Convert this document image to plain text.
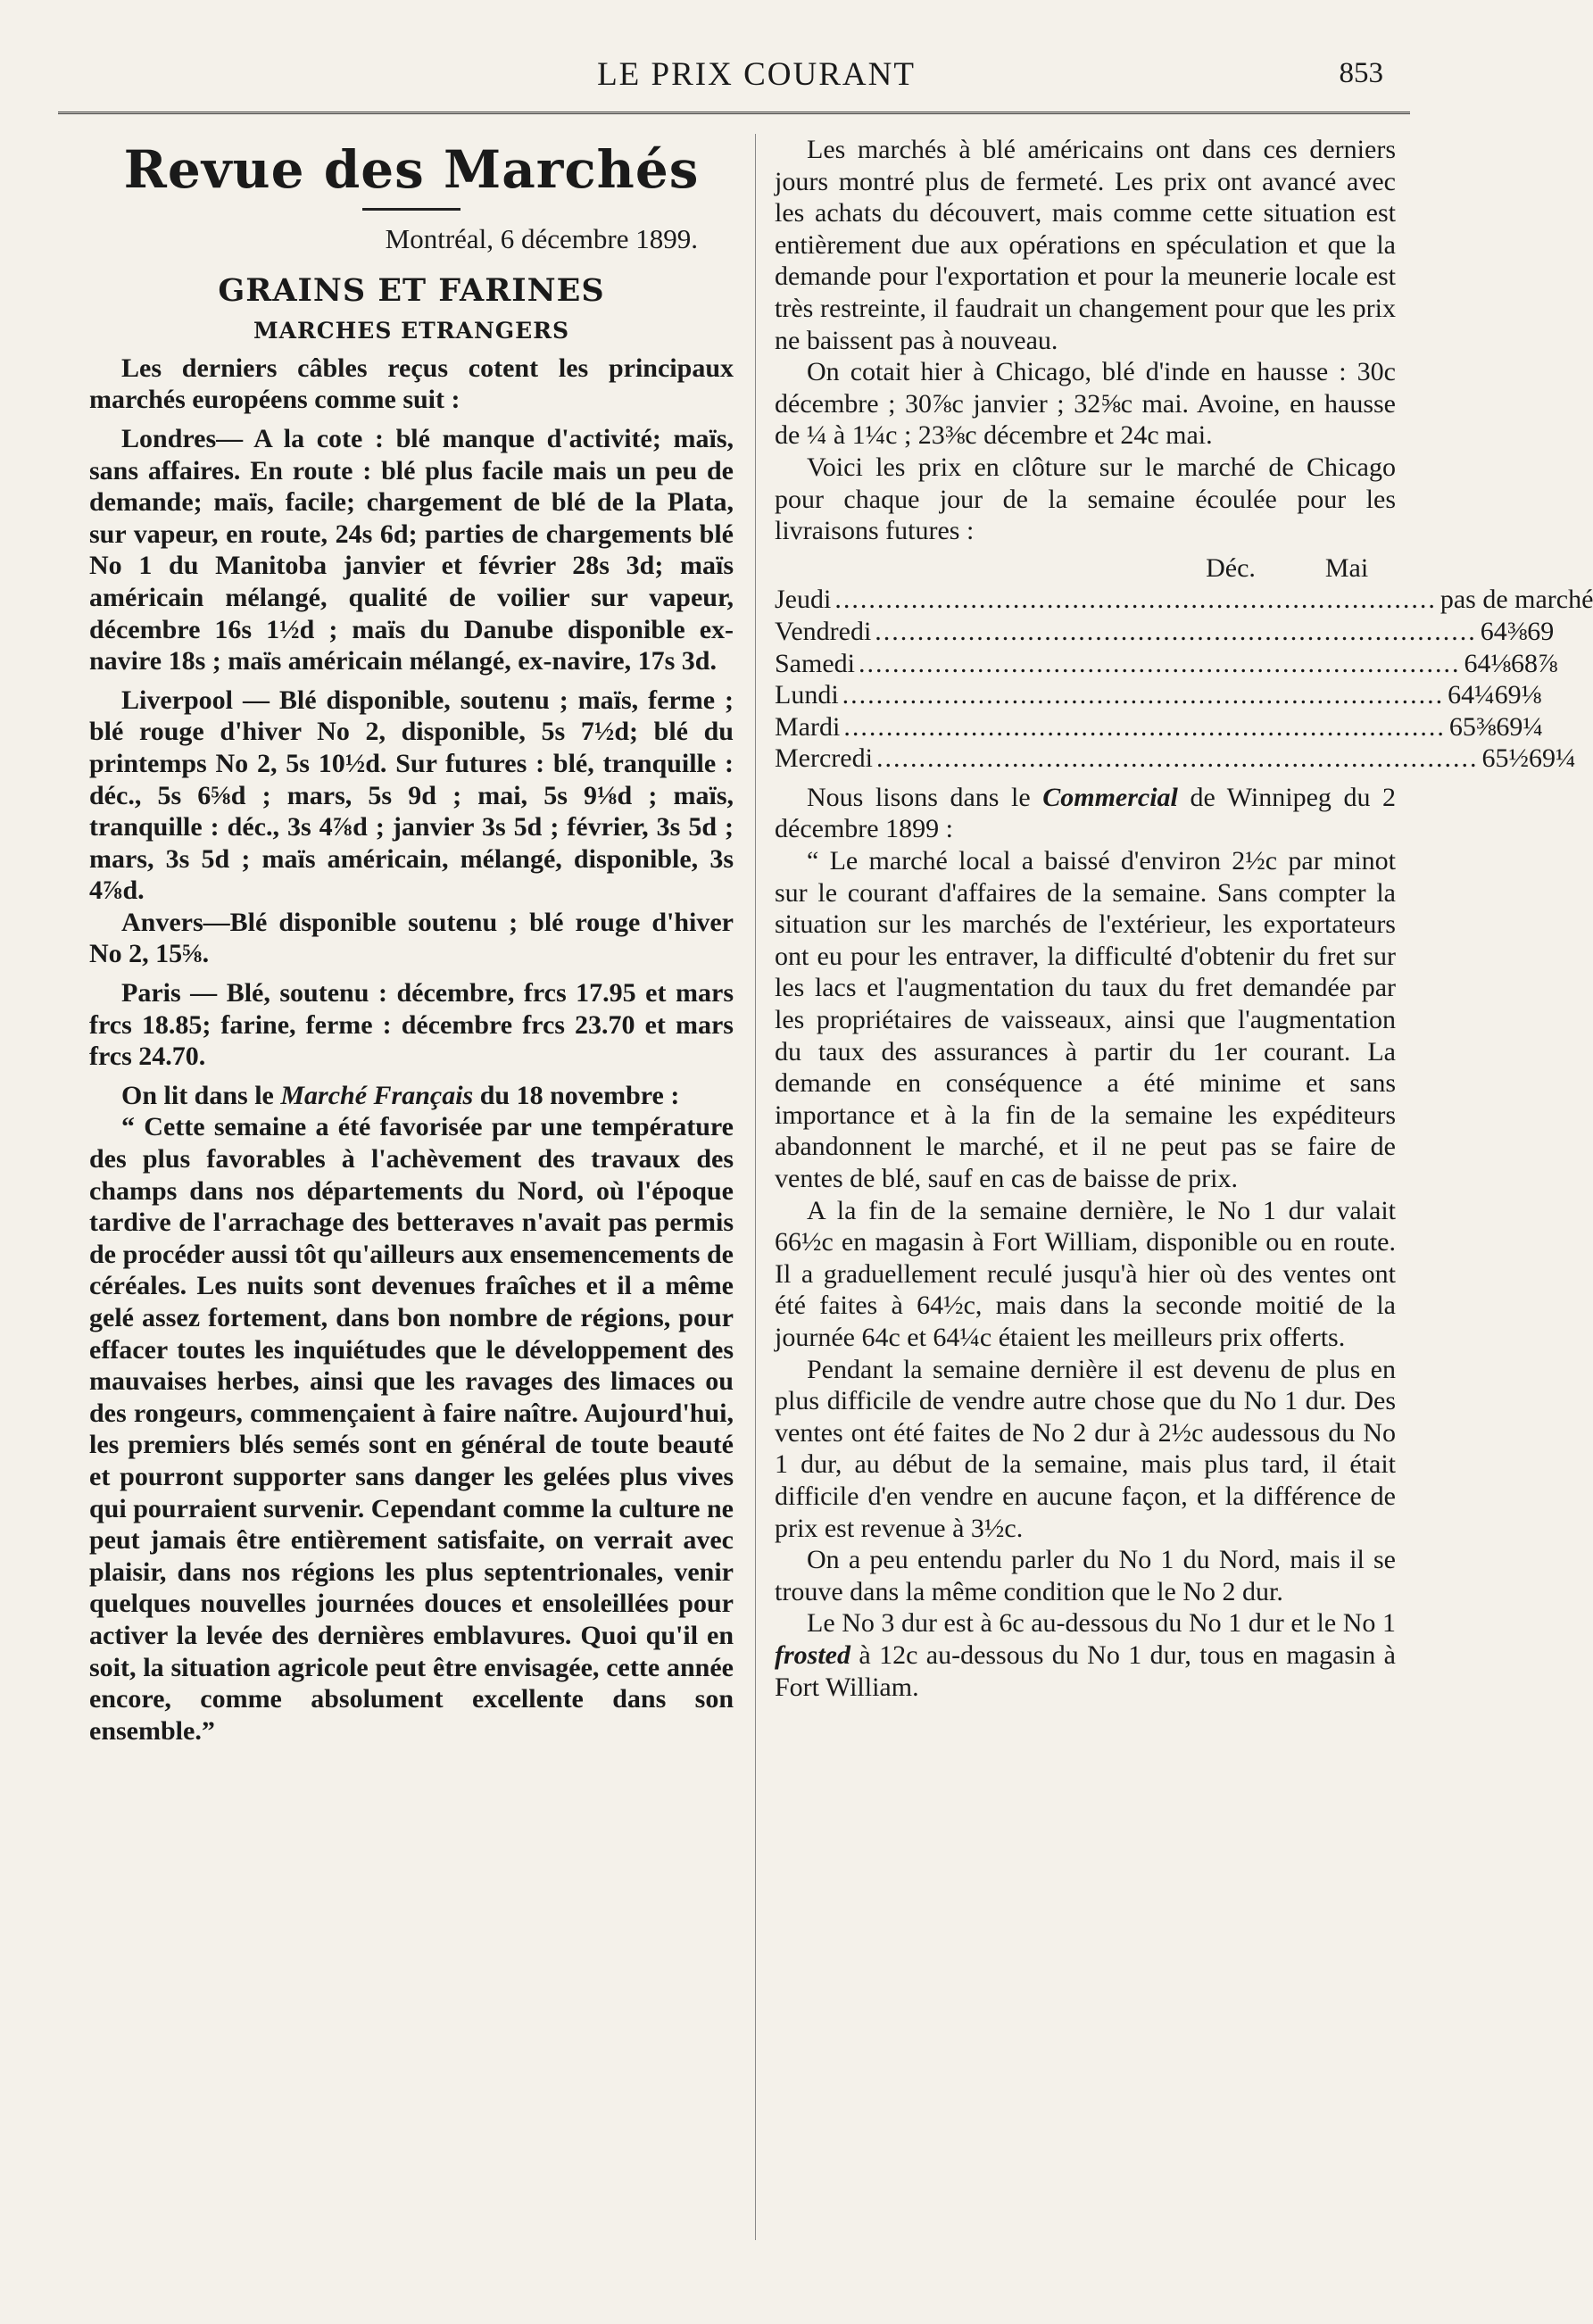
LE PRIX COURANT	853
Revue des Marchés
Montréal, 6 décembre 1899.
GRAINS ET FARINES
MARCHES ETRANGERS

Les derniers câbles reçus cotent les principaux marchés européens comme suit :

Londres— A la cote : blé manque d'activité; maïs, sans affaires. En route : blé plus facile mais un peu de demande; maïs, facile; chargement de blé de la Plata, sur vapeur, en route, 24s 6d; parties de chargements blé No 1 du Manitoba janvier et février 28s 3d; maïs américain mélangé, qualité de voilier sur vapeur, décembre 16s 1½d ; maïs du Danube disponible ex-navire 18s ; maïs américain mélangé, ex-navire, 17s 3d.

Liverpool — Blé disponible, soutenu ; maïs, ferme ; blé rouge d'hiver No 2, disponible, 5s 7½d; blé du printemps No 2, 5s 10½d. Sur futures : blé, tranquille : déc., 5s 6⅝d ; mars, 5s 9d ; mai, 5s 9⅛d ; maïs, tranquille : déc., 3s 4⅞d ; janvier 3s 5d ; février, 3s 5d ; mars, 3s 5d ; maïs américain, mélangé, disponible, 3s 4⅞d.

Anvers—Blé disponible soutenu ; blé rouge d'hiver No 2, 15⅝.

Paris — Blé, soutenu : décembre, frcs 17.95 et mars frcs 18.85; farine, ferme : décembre frcs 23.70 et mars frcs 24.70.

On lit dans le Marché Français du 18 novembre :

“ Cette semaine a été favorisée par une température des plus favorables à l'achèvement des travaux des champs dans nos départements du Nord, où l'époque tardive de l'arrachage des betteraves n'avait pas permis de procéder aussi tôt qu'ailleurs aux ensemencements de céréales. Les nuits sont devenues fraîches et il a même gelé assez fortement, dans bon nombre de régions, pour effacer toutes les inquiétudes que le développement des mauvaises herbes, ainsi que les ravages des limaces ou des rongeurs, commençaient à faire naître. Aujourd'hui, les premiers blés semés sont en général de toute beauté et pourront supporter sans danger les gelées plus vives qui pourraient survenir. Cependant comme la culture ne peut jamais être entièrement satisfaite, on verrait avec plaisir, dans nos régions les plus septentrionales, venir quelques nouvelles journées douces et ensoleillées pour activer la levée des dernières emblavures. Quoi qu'il en soit, la situation agricole peut être envisagée, cette année encore, comme absolument excellente dans son ensemble.”

Les marchés à blé américains ont dans ces derniers jours montré plus de fermeté. Les prix ont avancé avec les achats du découvert, mais comme cette situation est entièrement due aux opérations en spéculation et que la demande pour l'exportation et pour la meunerie locale est très restreinte, il faudrait un changement pour que les prix ne baissent pas à nouveau.

On cotait hier à Chicago, blé d'inde en hausse : 30c décembre ; 30⅞c janvier ; 32⅝c mai. Avoine, en hausse de ¼ à 1¼c ; 23⅜c décembre et 24c mai.

Voici les prix en clôture sur le marché de Chicago pour chaque jour de la semaine écoulée pour les livraisons futures :

Déc.	Mai
Jeudi ....................................................................... pas de marché
Vendredi ....................................................................... 64⅜ 69
Samedi ....................................................................... 64⅛ 68⅞
Lundi ....................................................................... 64¼ 69⅛
Mardi ....................................................................... 65⅜ 69¼
Mercredi ....................................................................... 65½ 69¼

Nous lisons dans le Commercial de Winnipeg du 2 décembre 1899 :

“ Le marché local a baissé d'environ 2½c par minot sur le courant d'affaires de la semaine. Sans compter la situation sur les marchés de l'extérieur, les exportateurs ont eu pour les entraver, la difficulté d'obtenir du fret sur les lacs et l'augmentation du taux du fret demandée par les propriétaires de vaisseaux, ainsi que l'augmentation du taux des assurances à partir du 1er courant. La demande en conséquence a été minime et sans importance et à la fin de la semaine les expéditeurs abandonnent le marché, et il ne peut pas se faire de ventes de blé, sauf en cas de baisse de prix.

A la fin de la semaine dernière, le No 1 dur valait 66½c en magasin à Fort William, disponible ou en route. Il a graduellement reculé jusqu'à hier où des ventes ont été faites à 64½c, mais dans la seconde moitié de la journée 64c et 64¼c étaient les meilleurs prix offerts.

Pendant la semaine dernière il est devenu de plus en plus difficile de vendre autre chose que du No 1 dur. Des ventes ont été faites de No 2 dur à 2½c audessous du No 1 dur, au début de la semaine, mais plus tard, il était difficile d'en vendre en aucune façon, et la différence de prix est revenue à 3½c.

On a peu entendu parler du No 1 du Nord, mais il se trouve dans la même condition que le No 2 dur.

Le No 3 dur est à 6c au-dessous du No 1 dur et le No 1 frosted à 12c au-dessous du No 1 dur, tous en magasin à Fort William.
